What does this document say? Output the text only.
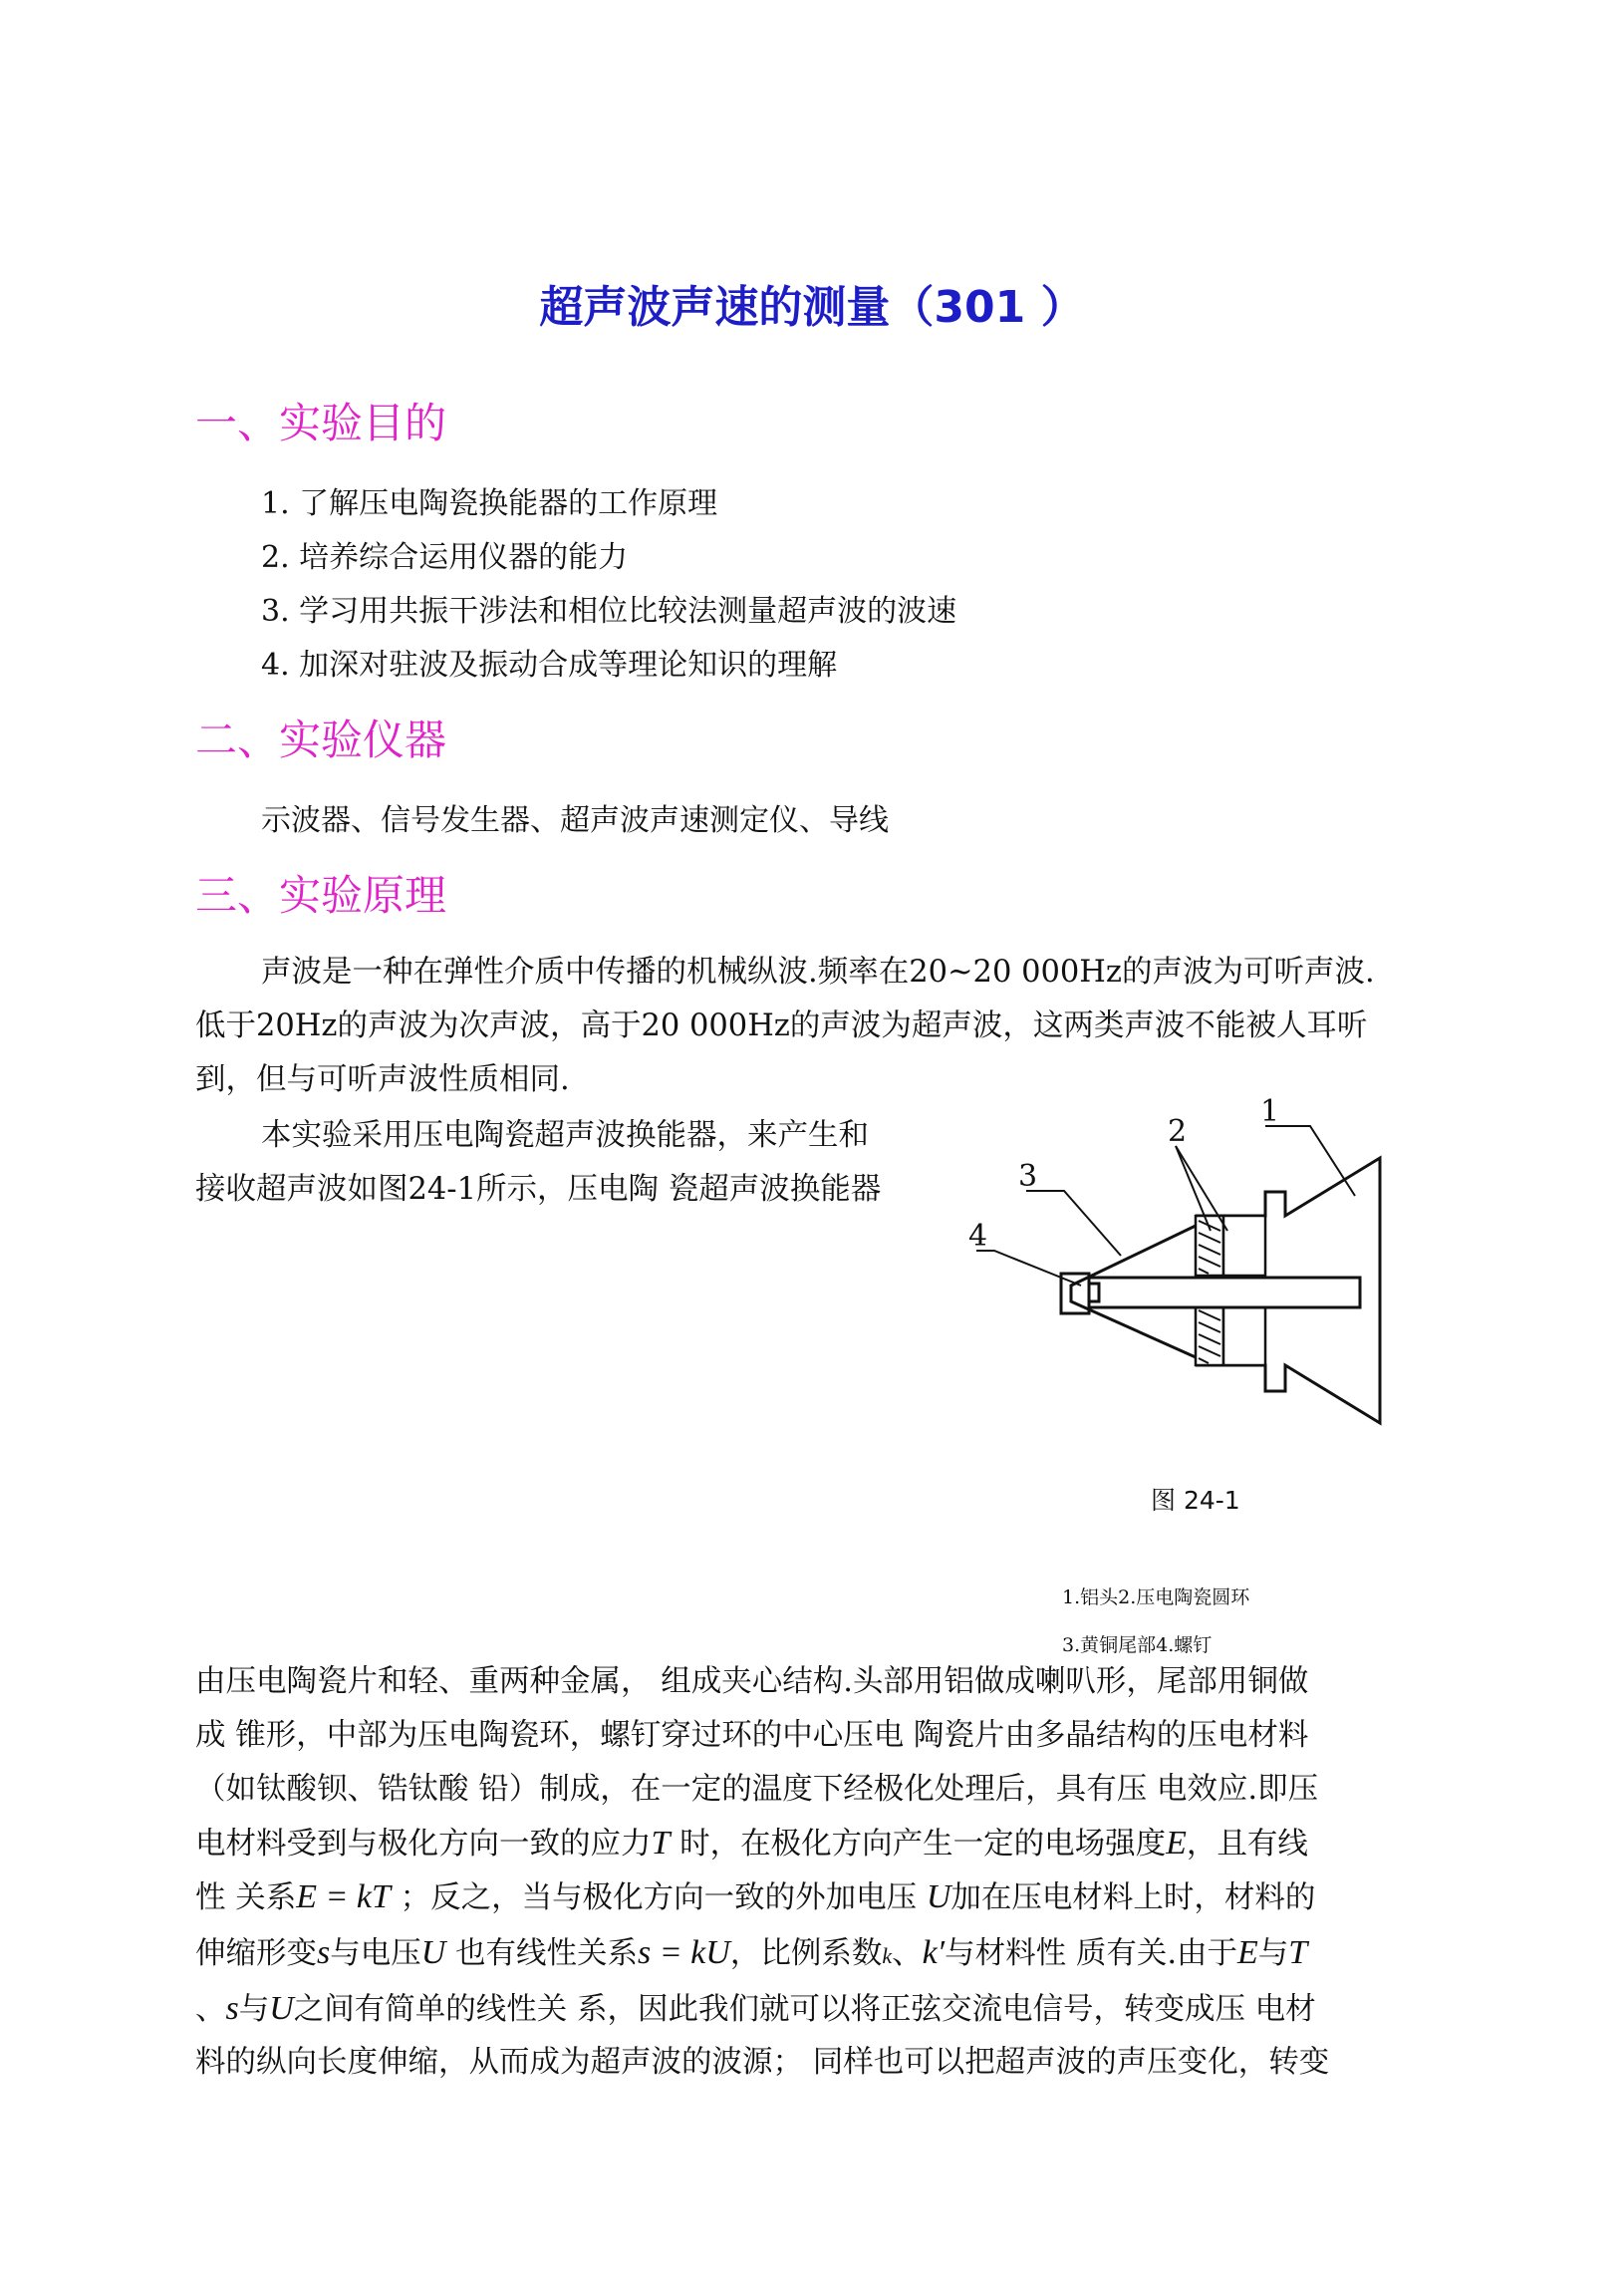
超声波声速的测量（301 ）
一、实验目的
1. 了解压电陶瓷换能器的工作原理
2. 培养综合运用仪器的能力
3. 学习用共振干涉法和相位比较法测量超声波的波速
4. 加深对驻波及振动合成等理论知识的理解
二、实验仪器
示波器、信号发生器、超声波声速测定仪、导线
三、实验原理
声波是一种在弹性介质中传播的机械纵波.频率在20~20 000Hz的声波为可听声波.
低于20Hz的声波为次声波，高于20 000Hz的声波为超声波，这两类声波不能被人耳听
到，但与可听声波性质相同.
本实验采用压电陶瓷超声波换能器，来产生和
接收超声波如图24-1所示，压电陶 瓷超声波换能器
1
2
3
4
图 24-1
1.铝头2.压电陶瓷圆环
3.黄铜尾部4.螺钉
由压电陶瓷片和轻、重两种金属， 组成夹心结构.头部用铝做成喇叭形，尾部用铜做
成 锥形，中部为压电陶瓷环，螺钉穿过环的中心压电 陶瓷片由多晶结构的压电材料
（如钛酸钡、锆钛酸 铅）制成，在一定的温度下经极化处理后，具有压 电效应.即压
电材料受到与极化方向一致的应力T 时，在极化方向产生一定的电场强度E，且有线
性 关系E = kT ；反之，当与极化方向一致的外加电压 U加在压电材料上时，材料的
伸缩形变s与电压U 也有线性关系s = kU，比例系数k、k′与材料性 质有关.由于E与T
、s与U之间有简单的线性关 系，因此我们就可以将正弦交流电信号，转变成压 电材
料的纵向长度伸缩，从而成为超声波的波源； 同样也可以把超声波的声压变化，转变
